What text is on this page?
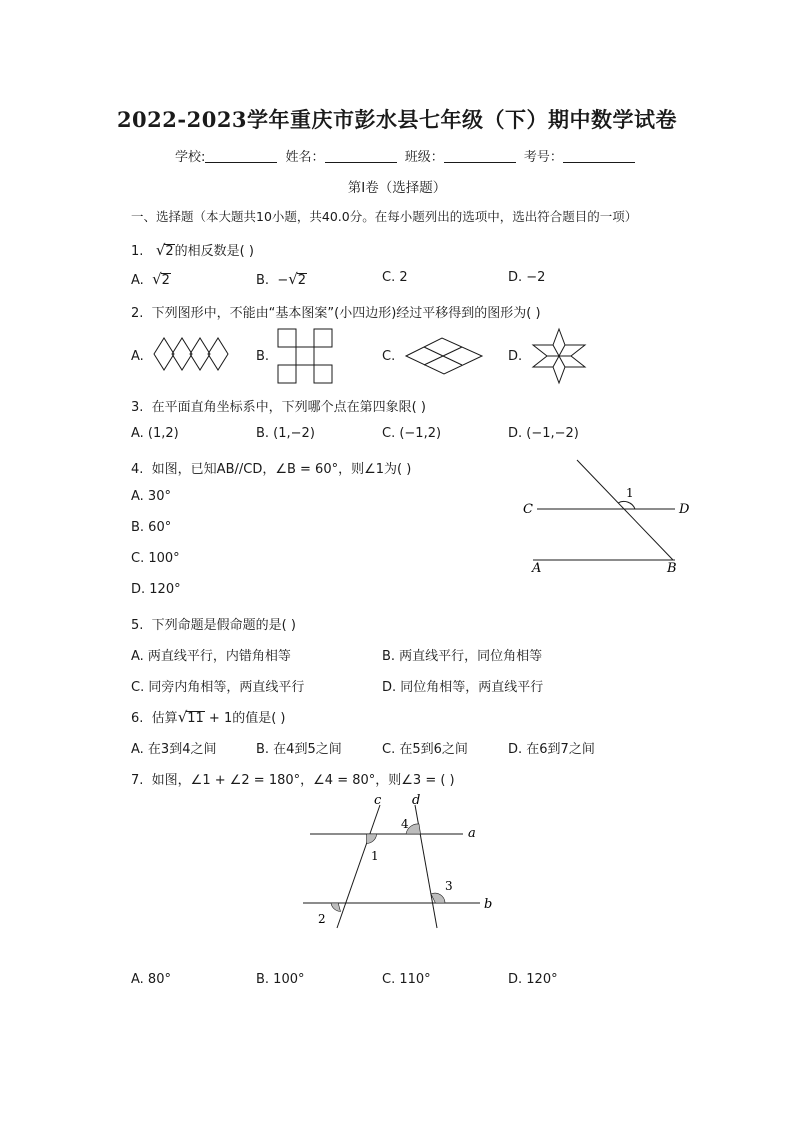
2022-2023学年重庆市彭水县七年级（下）期中数学试卷
学校:	姓名：	班级：	考号：
第I卷（选择题）
一、选择题（本大题共10小题，共40.0分。在每小题列出的选项中，选出符合题目的一项）
1. √2的相反数是( )
A. √2	B. −√2	C. 2	D. −2
2. 下列图形中，不能由“基本图案”(小四边形)经过平移得到的图形为( )
A.	B.	C.	D.
3. 在平面直角坐标系中，下列哪个点在第四象限( )
A. (1,2)	B. (1,−2)	C. (−1,2)	D. (−1,−2)
4. 如图，已知AB//CD，∠B = 60°，则∠1为( )
A. 30°
B. 60°
C. 100°
D. 120°
C	D
A	B
1
5. 下列命题是假命题的是( )
A. 两直线平行，内错角相等	B. 两直线平行，同位角相等
C. 同旁内角相等，两直线平行	D. 同位角相等，两直线平行
6. 估算√11 + 1的值是( )
A. 在3到4之间	B. 在4到5之间	C. 在5到6之间	D. 在6到7之间
7. 如图，∠1 + ∠2 = 180°，∠4 = 80°，则∠3 = ( )
c d
a
b
1
2
3
4
A. 80°	B. 100°	C. 110°	D. 120°
